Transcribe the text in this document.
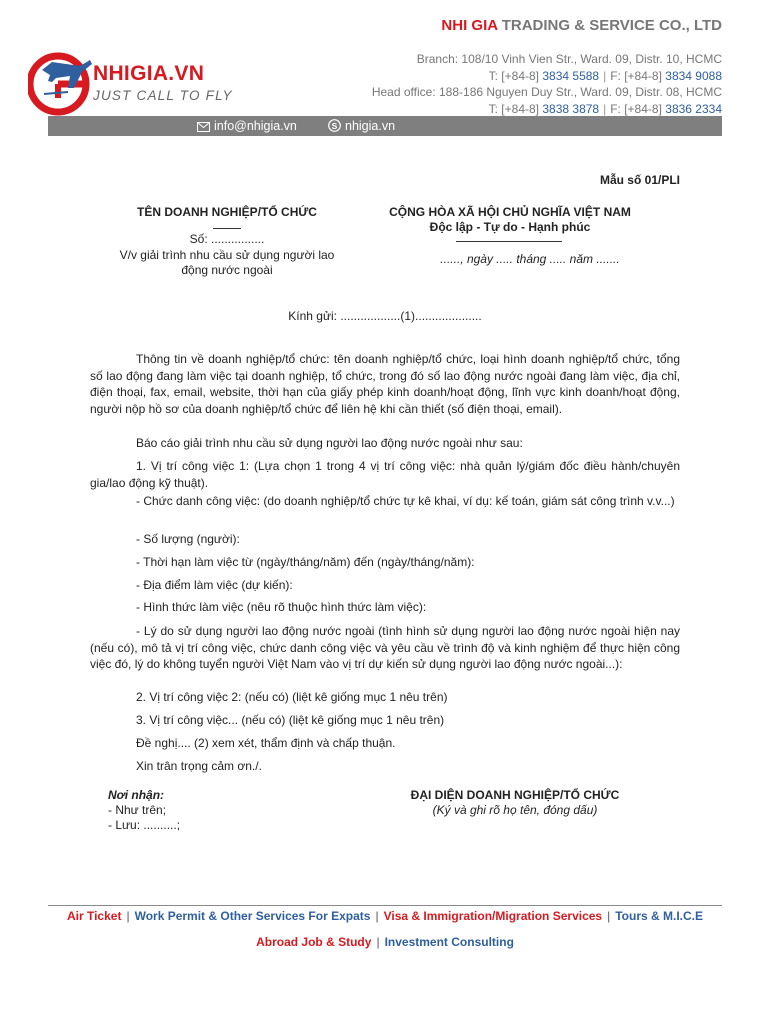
NHIGIA.VN
JUST CALL TO FLY
NHI GIA TRADING & SERVICE CO., LTD
Branch: 108/10 Vinh Vien Str., Ward. 09, Distr. 10, HCMC
T: [+84-8] 3834 5588 | F: [+84-8] 3834 9088
Head office: 188-186 Nguyen Duy Str., Ward. 09, Distr. 08, HCMC
T: [+84-8] 3838 3878 | F: [+84-8] 3836 2334
info@nhigia.vn	S nhigia.vn
Mẫu số 01/PLI
TÊN DOANH NGHIỆP/TỔ CHỨC
Số: ................
V/v giải trình nhu cầu sử dụng người lao
động nước ngoài
CỘNG HÒA XÃ HỘI CHỦ NGHĨA VIỆT NAM
Độc lập - Tự do - Hạnh phúc
......, ngày ..... tháng ..... năm .......
Kính gửi: ..................(1)....................
Thông tin về doanh nghiệp/tổ chức: tên doanh nghiệp/tổ chức, loại hình doanh nghiệp/tổ chức, tổng số lao động đang làm việc tại doanh nghiệp, tổ chức, trong đó số lao động nước ngoài đang làm việc, địa chỉ, điện thoại, fax, email, website, thời hạn của giấy phép kinh doanh/hoạt động, lĩnh vực kinh doanh/hoạt động, người nộp hồ sơ của doanh nghiệp/tổ chức để liên hệ khi cần thiết (số điện thoại, email).
Báo cáo giải trình nhu cầu sử dụng người lao động nước ngoài như sau:
1. Vị trí công việc 1: (Lựa chọn 1 trong 4 vị trí công việc: nhà quản lý/giám đốc điều hành/chuyên gia/lao động kỹ thuật).
- Chức danh công việc: (do doanh nghiệp/tổ chức tự kê khai, ví dụ: kế toán, giám sát công trình v.v...)
- Số lượng (người):
- Thời hạn làm việc từ (ngày/tháng/năm) đến (ngày/tháng/năm):
- Địa điểm làm việc (dự kiến):
- Hình thức làm việc (nêu rõ thuộc hình thức làm việc):
- Lý do sử dụng người lao động nước ngoài (tình hình sử dụng người lao động nước ngoài hiện nay (nếu có), mô tả vị trí công việc, chức danh công việc và yêu cầu về trình độ và kinh nghiệm để thực hiện công việc đó, lý do không tuyển người Việt Nam vào vị trí dự kiến sử dụng người lao động nước ngoài...):
2. Vị trí công việc 2: (nếu có) (liệt kê giống mục 1 nêu trên)
3. Vị trí công việc... (nếu có) (liệt kê giống mục 1 nêu trên)
Đề nghị.... (2) xem xét, thẩm định và chấp thuận.
Xin trân trọng cảm ơn./.
Nơi nhận:
- Như trên;
- Lưu: ..........;
ĐẠI DIỆN DOANH NGHIỆP/TỔ CHỨC
(Ký và ghi rõ họ tên, đóng dấu)
Air Ticket | Work Permit & Other Services For Expats | Visa & Immigration/Migration Services | Tours & M.I.C.E
Abroad Job & Study | Investment Consulting
